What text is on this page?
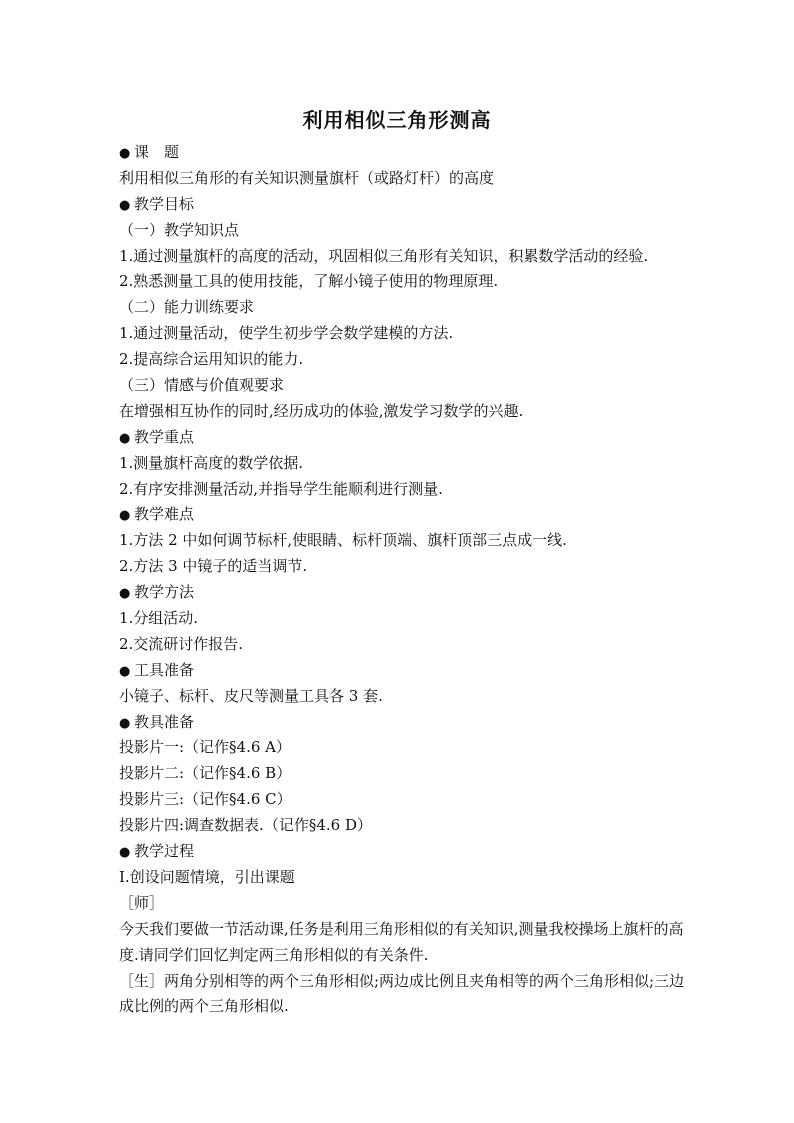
利用相似三角形测高
● 课　题
利用相似三角形的有关知识测量旗杆（或路灯杆）的高度
● 教学目标
（一）教学知识点
1.通过测量旗杆的高度的活动，巩固相似三角形有关知识，积累数学活动的经验.
2.熟悉测量工具的使用技能，了解小镜子使用的物理原理.
（二）能力训练要求
1.通过测量活动，使学生初步学会数学建模的方法.
2.提高综合运用知识的能力.
（三）情感与价值观要求
在增强相互协作的同时,经历成功的体验,激发学习数学的兴趣.
● 教学重点
1.测量旗杆高度的数学依据.
2.有序安排测量活动,并指导学生能顺利进行测量.
● 教学难点
1.方法 2 中如何调节标杆,使眼睛、标杆顶端、旗杆顶部三点成一线.
2.方法 3 中镜子的适当调节.
● 教学方法
1.分组活动.
2.交流研讨作报告.
● 工具准备
小镜子、标杆、皮尺等测量工具各 3 套.
● 教具准备
投影片一:（记作§4.6 A）
投影片二:（记作§4.6 B）
投影片三:（记作§4.6 C）
投影片四:调查数据表.（记作§4.6 D）
● 教学过程
Ⅰ.创设问题情境，引出课题
［师］
今天我们要做一节活动课,任务是利用三角形相似的有关知识,测量我校操场上旗杆的高度.请同学们回忆判定两三角形相似的有关条件.
［生］两角分别相等的两个三角形相似;两边成比例且夹角相等的两个三角形相似;三边成比例的两个三角形相似.
